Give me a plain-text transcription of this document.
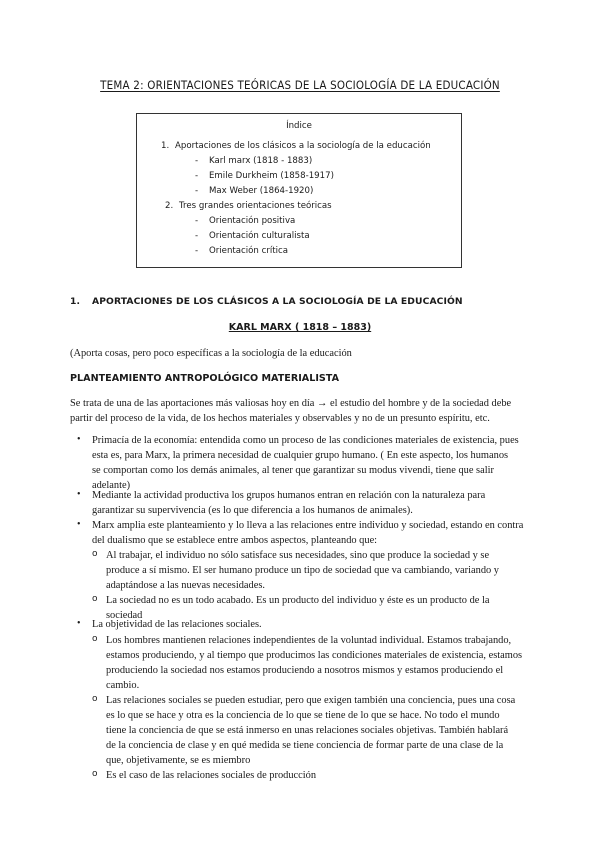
TEMA 2: ORIENTACIONES TEÓRICAS DE LA SOCIOLOGÍA DE LA EDUCACIÓN
Índice
1. Aportaciones de los clásicos a la sociología de la educación
- Karl marx (1818 - 1883)
- Emile Durkheim (1858-1917)
- Max Weber (1864-1920)
2. Tres grandes orientaciones teóricas
- Orientación positiva
- Orientación culturalista
- Orientación crítica
1. APORTACIONES DE LOS CLÁSICOS A LA SOCIOLOGÍA DE LA EDUCACIÓN
KARL MARX ( 1818 – 1883)
(Aporta cosas, pero poco específicas a la sociología de la educación
PLANTEAMIENTO ANTROPOLÓGICO MATERIALISTA
Se trata de una de las aportaciones más valiosas hoy en día → el estudio del hombre y de la sociedad debe
partir del proceso de la vida, de los hechos materiales y observables y no de un presunto espíritu, etc.
• Primacía de la economía: entendida como un proceso de las condiciones materiales de existencia, pues
esta es, para Marx, la primera necesidad de cualquier grupo humano. ( En este aspecto, los humanos
se comportan como los demás animales, al tener que garantizar su modus vivendi, tiene que salir
adelante)
• Mediante la actividad productiva los grupos humanos entran en relación con la naturaleza para
garantizar su supervivencia (es lo que diferencia a los humanos de animales).
• Marx amplia este planteamiento y lo lleva a las relaciones entre individuo y sociedad, estando en contra
del dualismo que se establece entre ambos aspectos, planteando que:
o Al trabajar, el individuo no sólo satisface sus necesidades, sino que produce la sociedad y se
produce a sí mismo. El ser humano produce un tipo de sociedad que va cambiando, variando y
adaptándose a las nuevas necesidades.
o La sociedad no es un todo acabado. Es un producto del individuo y éste es un producto de la
sociedad
• La objetividad de las relaciones sociales.
o Los hombres mantienen relaciones independientes de la voluntad individual. Estamos trabajando,
estamos produciendo, y al tiempo que producimos las condiciones materiales de existencia, estamos
produciendo la sociedad nos estamos produciendo a nosotros mismos y estamos produciendo el
cambio.
o Las relaciones sociales se pueden estudiar, pero que exigen también una conciencia, pues una cosa
es lo que se hace y otra es la conciencia de lo que se tiene de lo que se hace. No todo el mundo
tiene la conciencia de que se está inmerso en unas relaciones sociales objetivas. También hablará
de la conciencia de clase y en qué medida se tiene conciencia de formar parte de una clase de la
que, objetivamente, se es miembro
o Es el caso de las relaciones sociales de producción
